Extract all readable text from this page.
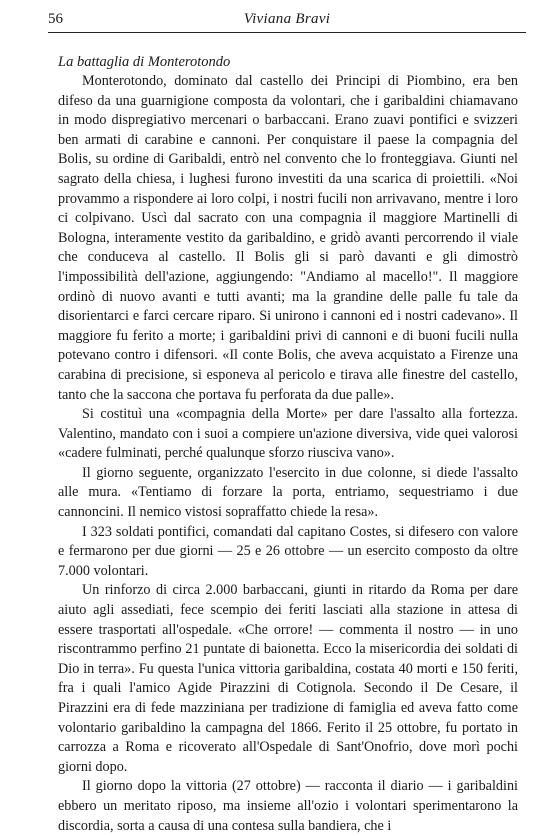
56	Viviana Bravi
La battaglia di Monterotondo

Monterotondo, dominato dal castello dei Principi di Piombino, era ben difeso da una guarnigione composta da volontari, che i garibaldini chiamavano in modo dispregiativo mercenari o barbaccani. Erano zuavi pontifici e svizzeri ben armati di carabine e cannoni. Per conquistare il paese la compagnia del Bolis, su ordine di Garibaldi, entrò nel convento che lo fronteggiava. Giunti nel sagrato della chiesa, i lughesi furono investiti da una scarica di proiettili. «Noi provammo a rispondere ai loro colpi, i nostri fucili non arrivavano, mentre i loro ci colpivano. Uscì dal sacrato con una compagnia il maggiore Martinelli di Bologna, interamente vestito da garibaldino, e gridò avanti percorrendo il viale che conduceva al castello. Il Bolis gli si parò davanti e gli dimostrò l'impossibilità dell'azione, aggiungendo: "Andiamo al macello!". Il maggiore ordinò di nuovo avanti e tutti avanti; ma la grandine delle palle fu tale da disorientarci e farci cercare riparo. Si unirono i cannoni ed i nostri cadevano». Il maggiore fu ferito a morte; i garibaldini privi di cannoni e di buoni fucili nulla potevano contro i difensori. «Il conte Bolis, che aveva acquistato a Firenze una carabina di precisione, si esponeva al pericolo e tirava alle finestre del castello, tanto che la saccona che portava fu perforata da due palle».

Si costituì una «compagnia della Morte» per dare l'assalto alla fortezza. Valentino, mandato con i suoi a compiere un'azione diversiva, vide quei valorosi «cadere fulminati, perché qualunque sforzo riusciva vano».

Il giorno seguente, organizzato l'esercito in due colonne, si diede l'assalto alle mura. «Tentiamo di forzare la porta, entriamo, sequestriamo i due cannoncini. Il nemico vistosi sopraffatto chiede la resa».

I 323 soldati pontifici, comandati dal capitano Costes, si difesero con valore e fermarono per due giorni — 25 e 26 ottobre — un esercito composto da oltre 7.000 volontari.

Un rinforzo di circa 2.000 barbaccani, giunti in ritardo da Roma per dare aiuto agli assediati, fece scempio dei feriti lasciati alla stazione in attesa di essere trasportati all'ospedale. «Che orrore! — commenta il nostro — in uno riscontrammo perfino 21 puntate di baionetta. Ecco la misericordia dei soldati di Dio in terra». Fu questa l'unica vittoria garibaldina, costata 40 morti e 150 feriti, fra i quali l'amico Agide Pirazzini di Cotignola. Secondo il De Cesare, il Pirazzini era di fede mazziniana per tradizione di famiglia ed aveva fatto come volontario garibaldino la campagna del 1866. Ferito il 25 ottobre, fu portato in carrozza a Roma e ricoverato all'Ospedale di Sant'Onofrio, dove morì pochi giorni dopo.

Il giorno dopo la vittoria (27 ottobre) — racconta il diario — i garibaldini ebbero un meritato riposo, ma insieme all'ozio i volontari sperimentarono la discordia, sorta a causa di una contesa sulla bandiera, che i
